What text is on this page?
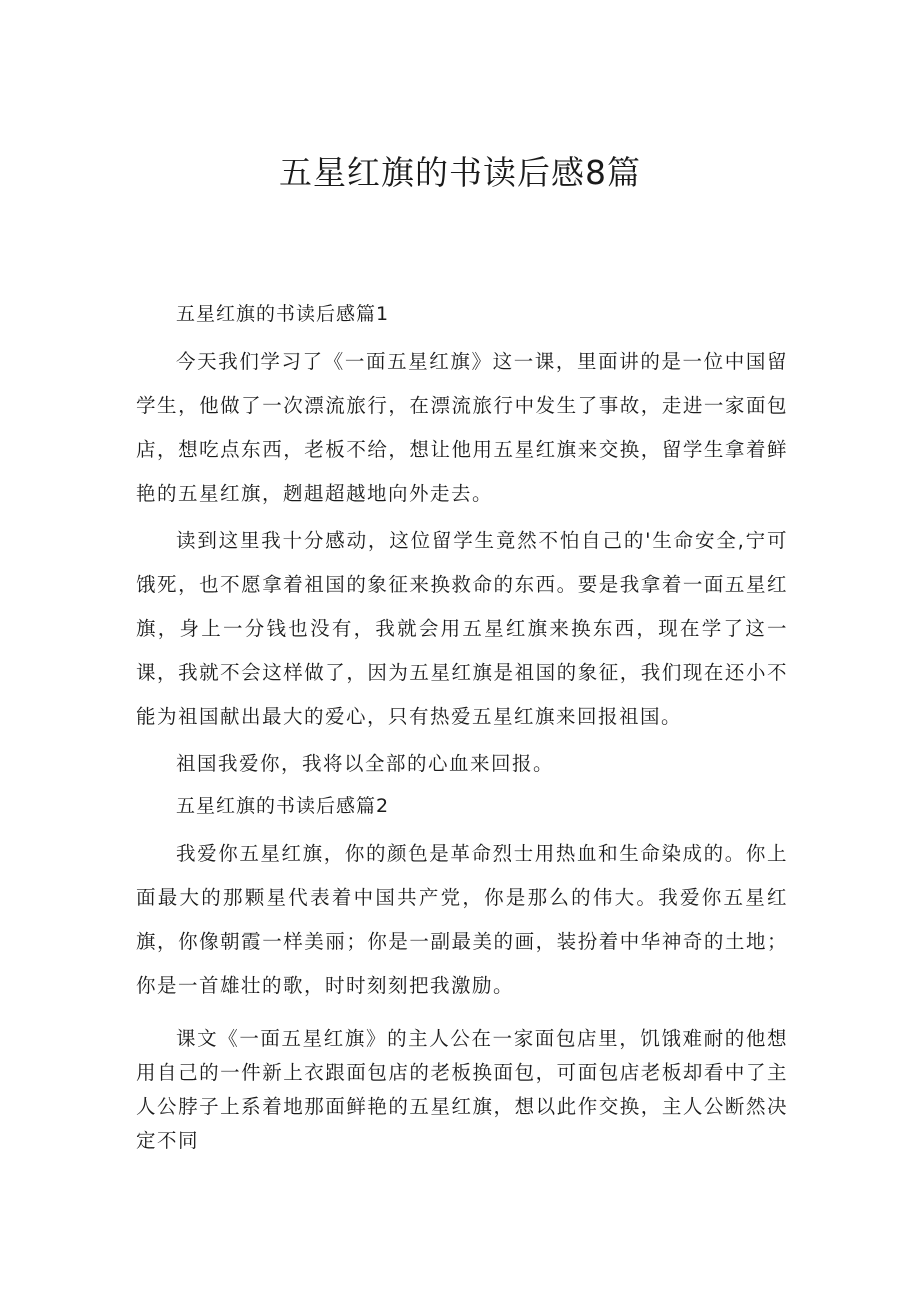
五星红旗的书读后感8篇

五星红旗的书读后感篇1

今天我们学习了《一面五星红旗》这一课，里面讲的是一位中国留学生，他做了一次漂流旅行，在漂流旅行中发生了事故，走进一家面包店，想吃点东西，老板不给，想让他用五星红旗来交换，留学生拿着鲜艳的五星红旗，趔趄超越地向外走去。

读到这里我十分感动，这位留学生竟然不怕自己的'生命安全,宁可饿死，也不愿拿着祖国的象征来换救命的东西。要是我拿着一面五星红旗，身上一分钱也没有，我就会用五星红旗来换东西，现在学了这一课，我就不会这样做了，因为五星红旗是祖国的象征，我们现在还小不能为祖国献出最大的爱心，只有热爱五星红旗来回报祖国。

祖国我爱你，我将以全部的心血来回报。

五星红旗的书读后感篇2

我爱你五星红旗，你的颜色是革命烈士用热血和生命染成的。你上面最大的那颗星代表着中国共产党，你是那么的伟大。我爱你五星红旗，你像朝霞一样美丽；你是一副最美的画，装扮着中华神奇的土地；你是一首雄壮的歌，时时刻刻把我激励。

课文《一面五星红旗》的主人公在一家面包店里，饥饿难耐的他想用自己的一件新上衣跟面包店的老板换面包，可面包店老板却看中了主人公脖子上系着地那面鲜艳的五星红旗，想以此作交换，主人公断然决定不同
